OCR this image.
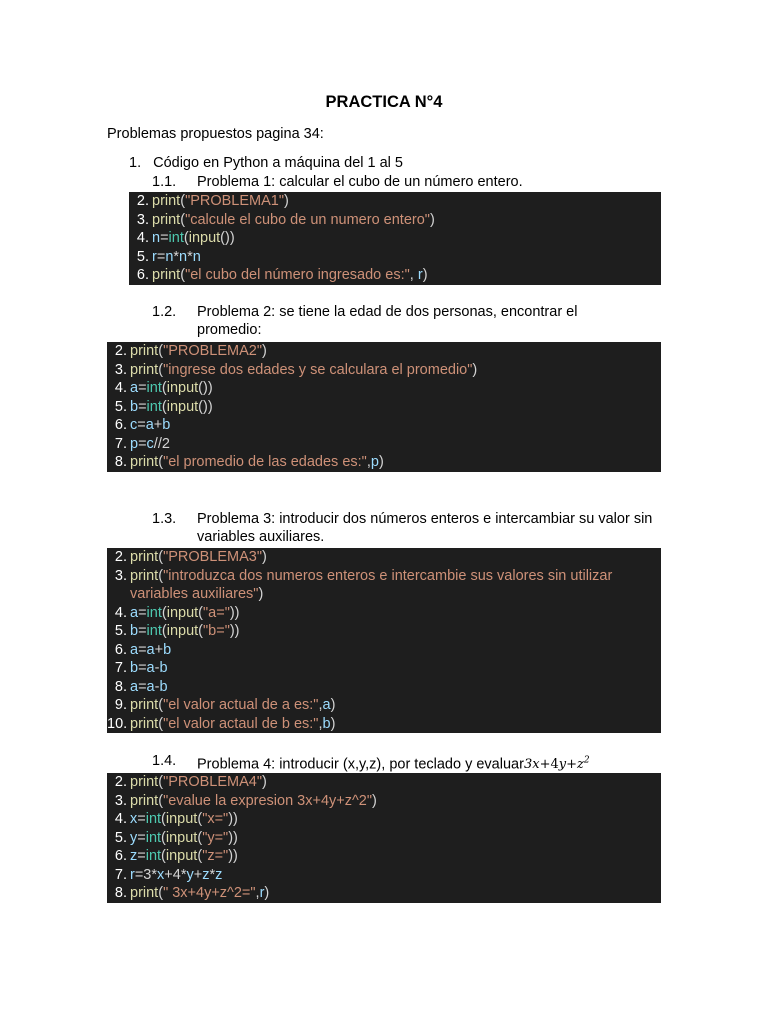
PRACTICA N°4
Problemas propuestos pagina 34:
1. Código en Python a máquina del 1 al 5
1.1. Problema 1: calcular el cubo de un número entero.
2. print("PROBLEMA1")
3. print("calcule el cubo de un numero entero")
4. n=int(input())
5. r=n*n*n
6. print("el cubo del número ingresado es:", r)
1.2. Problema 2: se tiene la edad de dos personas, encontrar el promedio:
2. print("PROBLEMA2")
3. print("ingrese dos edades y se calculara el promedio")
4. a=int(input())
5. b=int(input())
6. c=a+b
7. p=c//2
8. print("el promedio de las edades es:",p)
1.3. Problema 3: introducir dos números enteros e intercambiar su valor sin variables auxiliares.
2. print("PROBLEMA3")
3. print("introduzca dos numeros enteros e intercambie sus valores sin utilizar variables auxiliares")
4. a=int(input("a="))
5. b=int(input("b="))
6. a=a+b
7. b=a-b
8. a=a-b
9. print("el valor actual de a es:",a)
10. print("el valor actaul de b es:",b)
1.4. Problema 4: introducir (x,y,z), por teclado y $evaluar3x+4y+z^2$
2. print("PROBLEMA4")
3. print("evalue la expresion 3x+4y+z^2")
4. x=int(input("x="))
5. y=int(input("y="))
6. z=int(input("z="))
7. r=3*x+4*y+z*z
8. print(" 3x+4y+z^2=",r)
